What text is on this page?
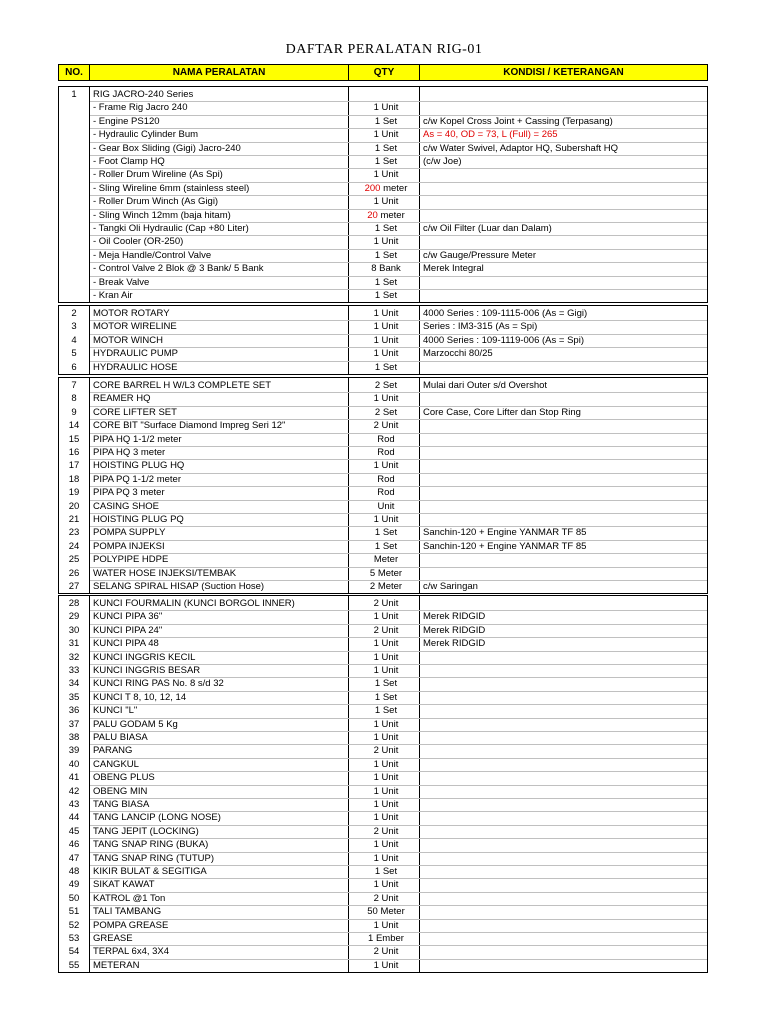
DAFTAR PERALATAN RIG-01
NO.	NAMA PERALATAN	QTY	KONDISI / KETERANGAN
1	RIG JACRO-240 Series
- Frame Rig Jacro 240	1 Unit
- Engine PS120	1 Set	c/w Kopel Cross Joint + Cassing (Terpasang)
- Hydraulic Cylinder Bum	1 Unit	As = 40, OD = 73, L (Full) = 265
- Gear Box Sliding (Gigi) Jacro-240	1 Set	c/w Water Swivel, Adaptor HQ, Subershaft HQ
- Foot Clamp HQ	1 Set	(c/w Joe)
- Roller Drum Wireline (As Spi)	1 Unit
- Sling Wireline 6mm (stainless steel)	200 meter
- Roller Drum Winch (As Gigi)	1 Unit
- Sling Winch 12mm (baja hitam)	20 meter
- Tangki Oli Hydraulic (Cap +80 Liter)	1 Set	c/w Oil Filter (Luar dan Dalam)
- Oil Cooler (OR-250)	1 Unit
- Meja Handle/Control Valve	1 Set	c/w Gauge/Pressure Meter
- Control Valve 2 Blok @ 3 Bank/ 5 Bank	8 Bank	Merek Integral
- Break Valve	1 Set
- Kran Air	1 Set
2	MOTOR ROTARY	1 Unit	4000 Series : 109-1115-006 (As = Gigi)
3	MOTOR WIRELINE	1 Unit	Series : IM3-315 (As = Spi)
4	MOTOR WINCH	1 Unit	4000 Series : 109-1119-006 (As = Spi)
5	HYDRAULIC PUMP	1 Unit	Marzocchi 80/25
6	HYDRAULIC HOSE	1 Set
7	CORE BARREL H W/L3 COMPLETE SET	2 Set	Mulai dari Outer s/d Overshot
8	REAMER HQ	1 Unit
9	CORE LIFTER SET	2 Set	Core Case, Core Lifter dan Stop Ring
14	CORE BIT "Surface Diamond Impreg Seri 12"	2 Unit
15	PIPA HQ 1-1/2 meter	Rod
16	PIPA HQ 3 meter	Rod
17	HOISTING PLUG HQ	1 Unit
18	PIPA PQ 1-1/2 meter	Rod
19	PIPA PQ 3 meter	Rod
20	CASING SHOE	Unit
21	HOISTING PLUG PQ	1 Unit
23	POMPA SUPPLY	1 Set	Sanchin-120 + Engine YANMAR TF 85
24	POMPA INJEKSI	1 Set	Sanchin-120 + Engine YANMAR TF 85
25	POLYPIPE HDPE	Meter
26	WATER HOSE INJEKSI/TEMBAK	5 Meter
27	SELANG SPIRAL HISAP (Suction Hose)	2 Meter	c/w Saringan
28	KUNCI FOURMALIN (KUNCI BORGOL INNER)	2 Unit
29	KUNCI PIPA 36"	1 Unit	Merek RIDGID
30	KUNCI PIPA 24"	2 Unit	Merek RIDGID
31	KUNCI PIPA 48	1 Unit	Merek RIDGID
32	KUNCI INGGRIS KECIL	1 Unit
33	KUNCI INGGRIS BESAR	1 Unit
34	KUNCI RING PAS No. 8 s/d 32	1 Set
35	KUNCI T 8, 10, 12, 14	1 Set
36	KUNCI "L"	1 Set
37	PALU GODAM 5 Kg	1 Unit
38	PALU BIASA	1 Unit
39	PARANG	2 Unit
40	CANGKUL	1 Unit
41	OBENG PLUS	1 Unit
42	OBENG MIN	1 Unit
43	TANG BIASA	1 Unit
44	TANG LANCIP (LONG NOSE)	1 Unit
45	TANG JEPIT (LOCKING)	2 Unit
46	TANG SNAP RING (BUKA)	1 Unit
47	TANG SNAP RING (TUTUP)	1 Unit
48	KIKIR BULAT & SEGITIGA	1 Set
49	SIKAT KAWAT	1 Unit
50	KATROL @1 Ton	2 Unit
51	TALI TAMBANG	50 Meter
52	POMPA GREASE	1 Unit
53	GREASE	1 Ember
54	TERPAL 6x4, 3X4	2 Unit
55	METERAN	1 Unit
